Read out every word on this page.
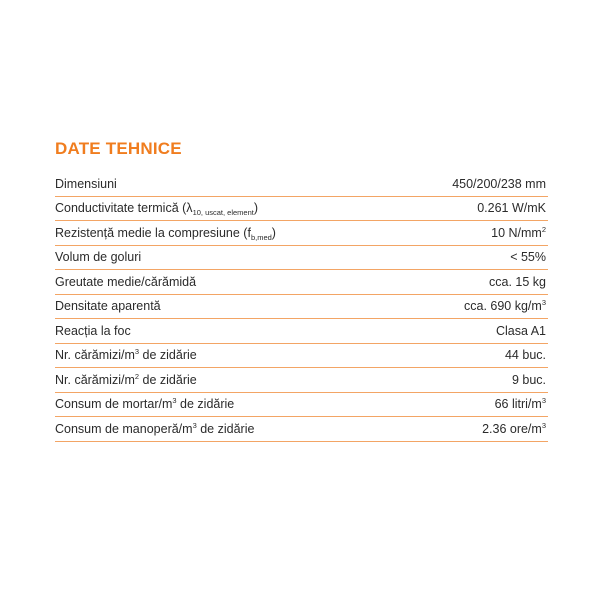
DATE TEHNICE
Dimensiuni	450/200/238 mm
Conductivitate termică $(\lambda_{10, uscat, element})$	0.261 W/mK
Rezistență medie la compresiune $(f_{b,med})$	10 $N/mm^2$
Volum de goluri	< 55%
Greutate medie/cărămidă	cca. 15 kg
Densitate aparentă	cca. 690 $kg/m^3$
Reacția la foc	Clasa A1
Nr. cărămizi/$m^3$ de zidărie	44 buc.
Nr. cărămizi/$m^2$ de zidărie	9 buc.
Consum de mortar/$m^3$ de zidărie	66 litri/$m^3$
Consum de manoperă/$m^3$ de zidărie	2.36 ore/$m^3$
